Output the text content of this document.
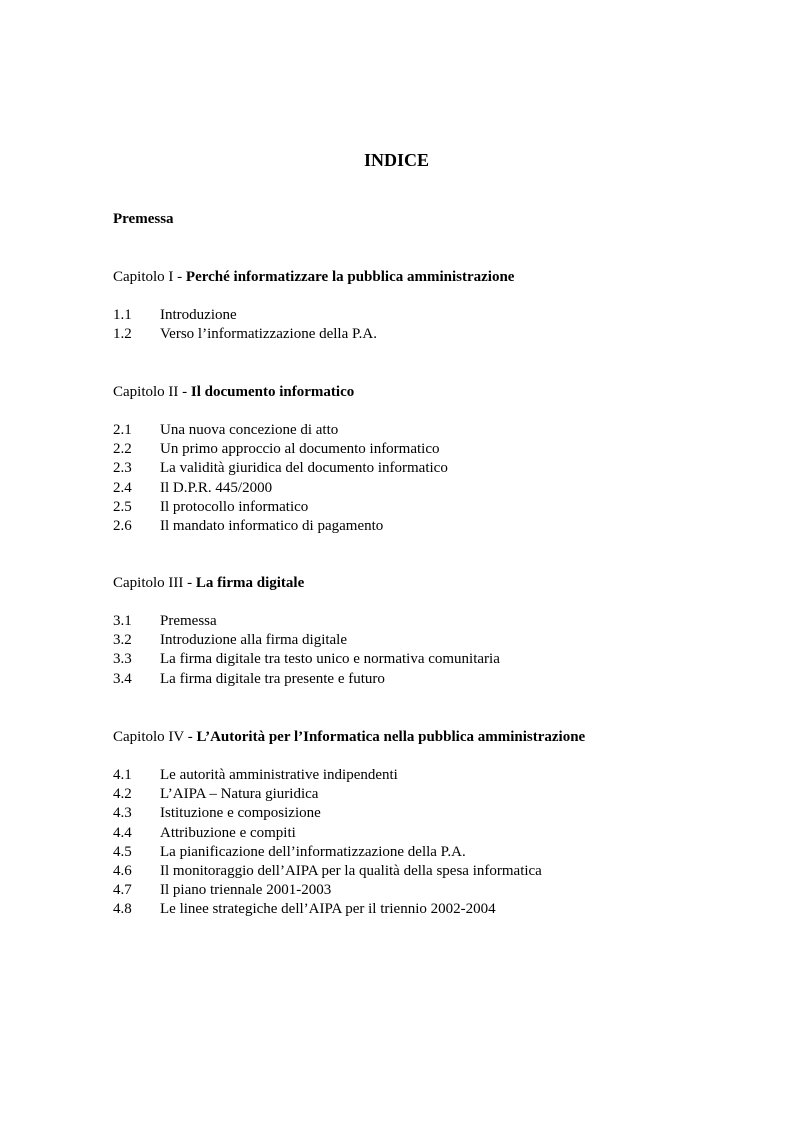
INDICE
Premessa
Capitolo I - Perché informatizzare la pubblica amministrazione
1.1	Introduzione
1.2	Verso l’informatizzazione della P.A.
Capitolo II - Il documento informatico
2.1	Una nuova concezione di atto
2.2	Un primo approccio al documento informatico
2.3	La validità giuridica del documento informatico
2.4	Il D.P.R. 445/2000
2.5	Il protocollo informatico
2.6	Il mandato informatico di pagamento
Capitolo III - La firma digitale
3.1	Premessa
3.2	Introduzione alla firma digitale
3.3	La firma digitale tra testo unico e normativa comunitaria
3.4	La firma digitale tra presente e futuro
Capitolo IV - L’Autorità per l’Informatica nella pubblica amministrazione
4.1	Le autorità amministrative indipendenti
4.2	L’AIPA – Natura giuridica
4.3	Istituzione e composizione
4.4	Attribuzione e compiti
4.5	La pianificazione dell’informatizzazione della P.A.
4.6	Il monitoraggio dell’AIPA per la qualità della spesa informatica
4.7	Il piano triennale 2001-2003
4.8	Le linee strategiche dell’AIPA per il triennio 2002-2004
